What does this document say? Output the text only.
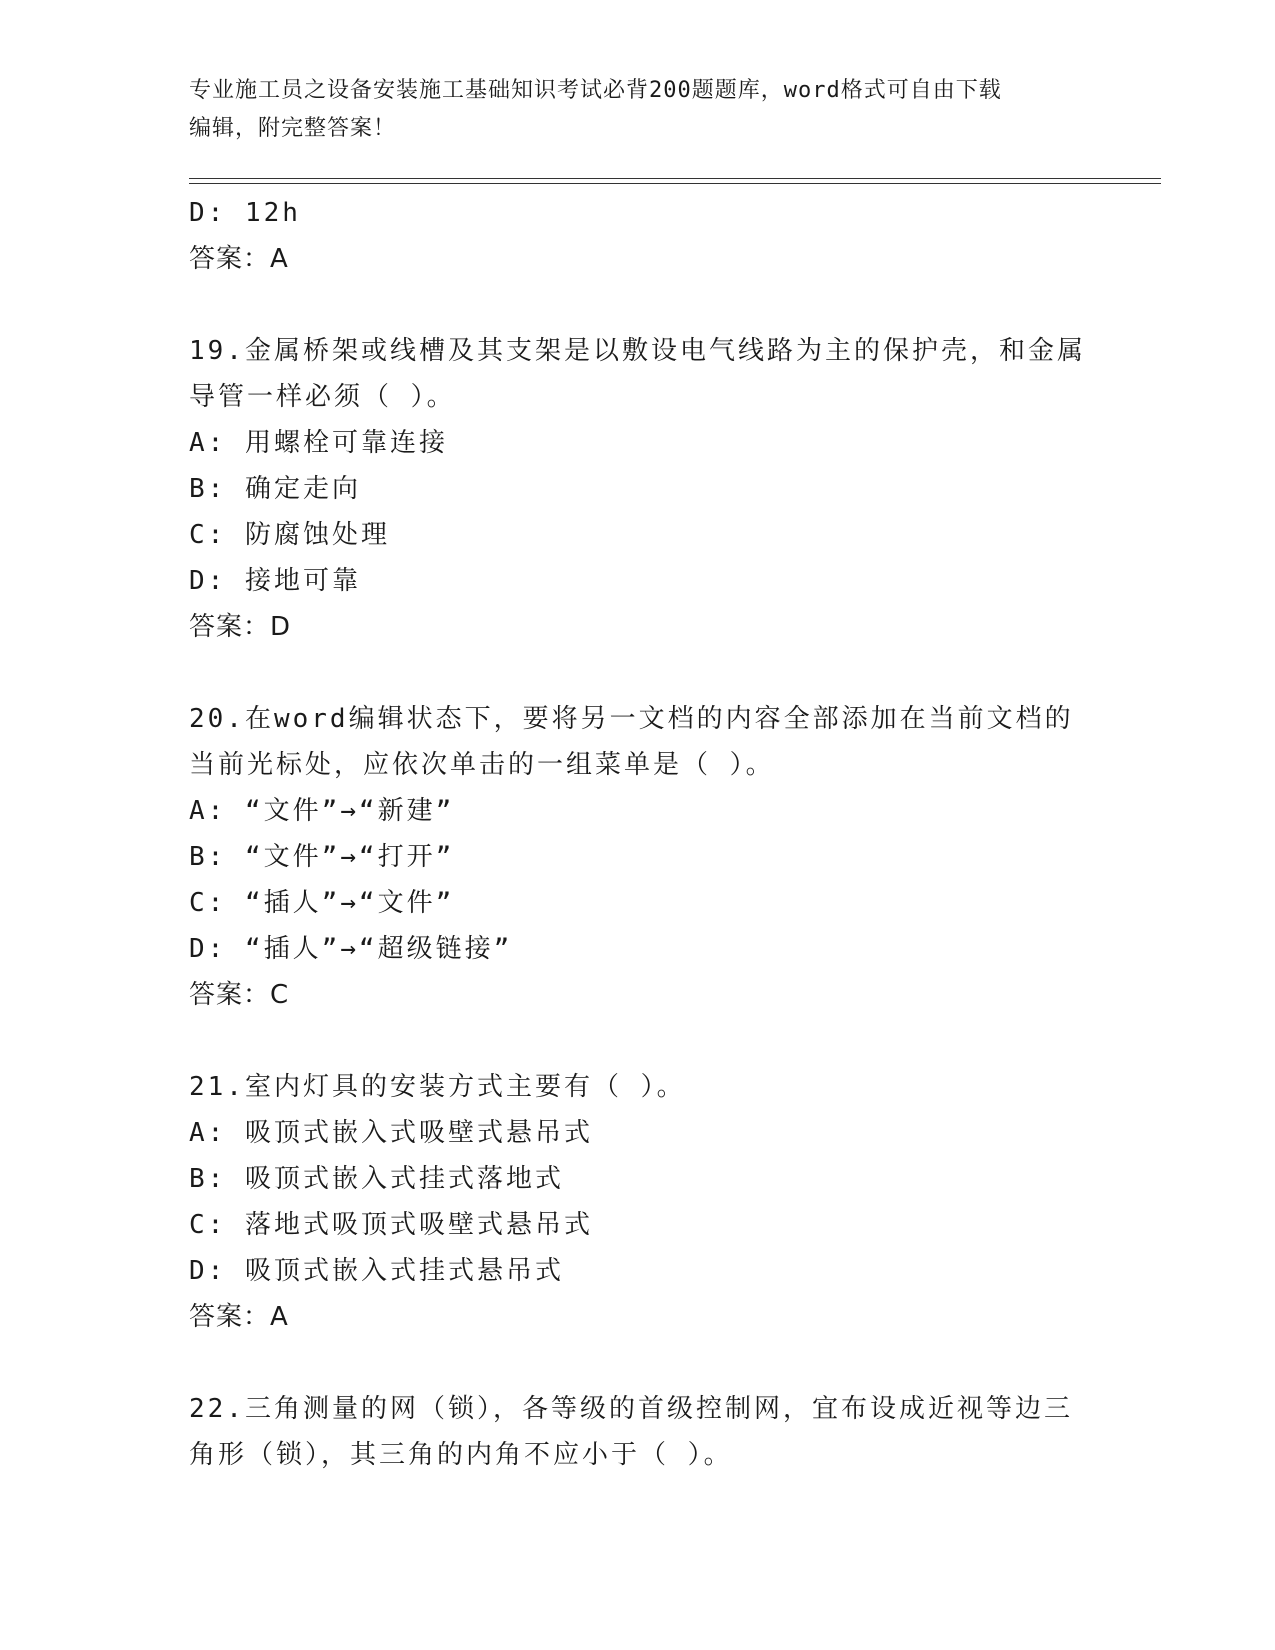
专业施工员之设备安装施工基础知识考试必背200题题库，word格式可自由下载
编辑，附完整答案！
D: 12h
答案：A
19.金属桥架或线槽及其支架是以敷设电气线路为主的保护壳，和金属
导管一样必须（ ）。
A: 用螺栓可靠连接
B: 确定走向
C: 防腐蚀处理
D: 接地可靠
答案：D
20.在word编辑状态下，要将另一文档的内容全部添加在当前文档的
当前光标处，应依次单击的一组菜单是（ ）。
A: “文件”→“新建”
B: “文件”→“打开”
C: “插人”→“文件”
D: “插人”→“超级链接”
答案：C
21.室内灯具的安装方式主要有（ ）。
A: 吸顶式嵌入式吸壁式悬吊式
B: 吸顶式嵌入式挂式落地式
C: 落地式吸顶式吸壁式悬吊式
D: 吸顶式嵌入式挂式悬吊式
答案：A
22.三角测量的网（锁），各等级的首级控制网，宜布设成近视等边三
角形（锁），其三角的内角不应小于（ ）。
